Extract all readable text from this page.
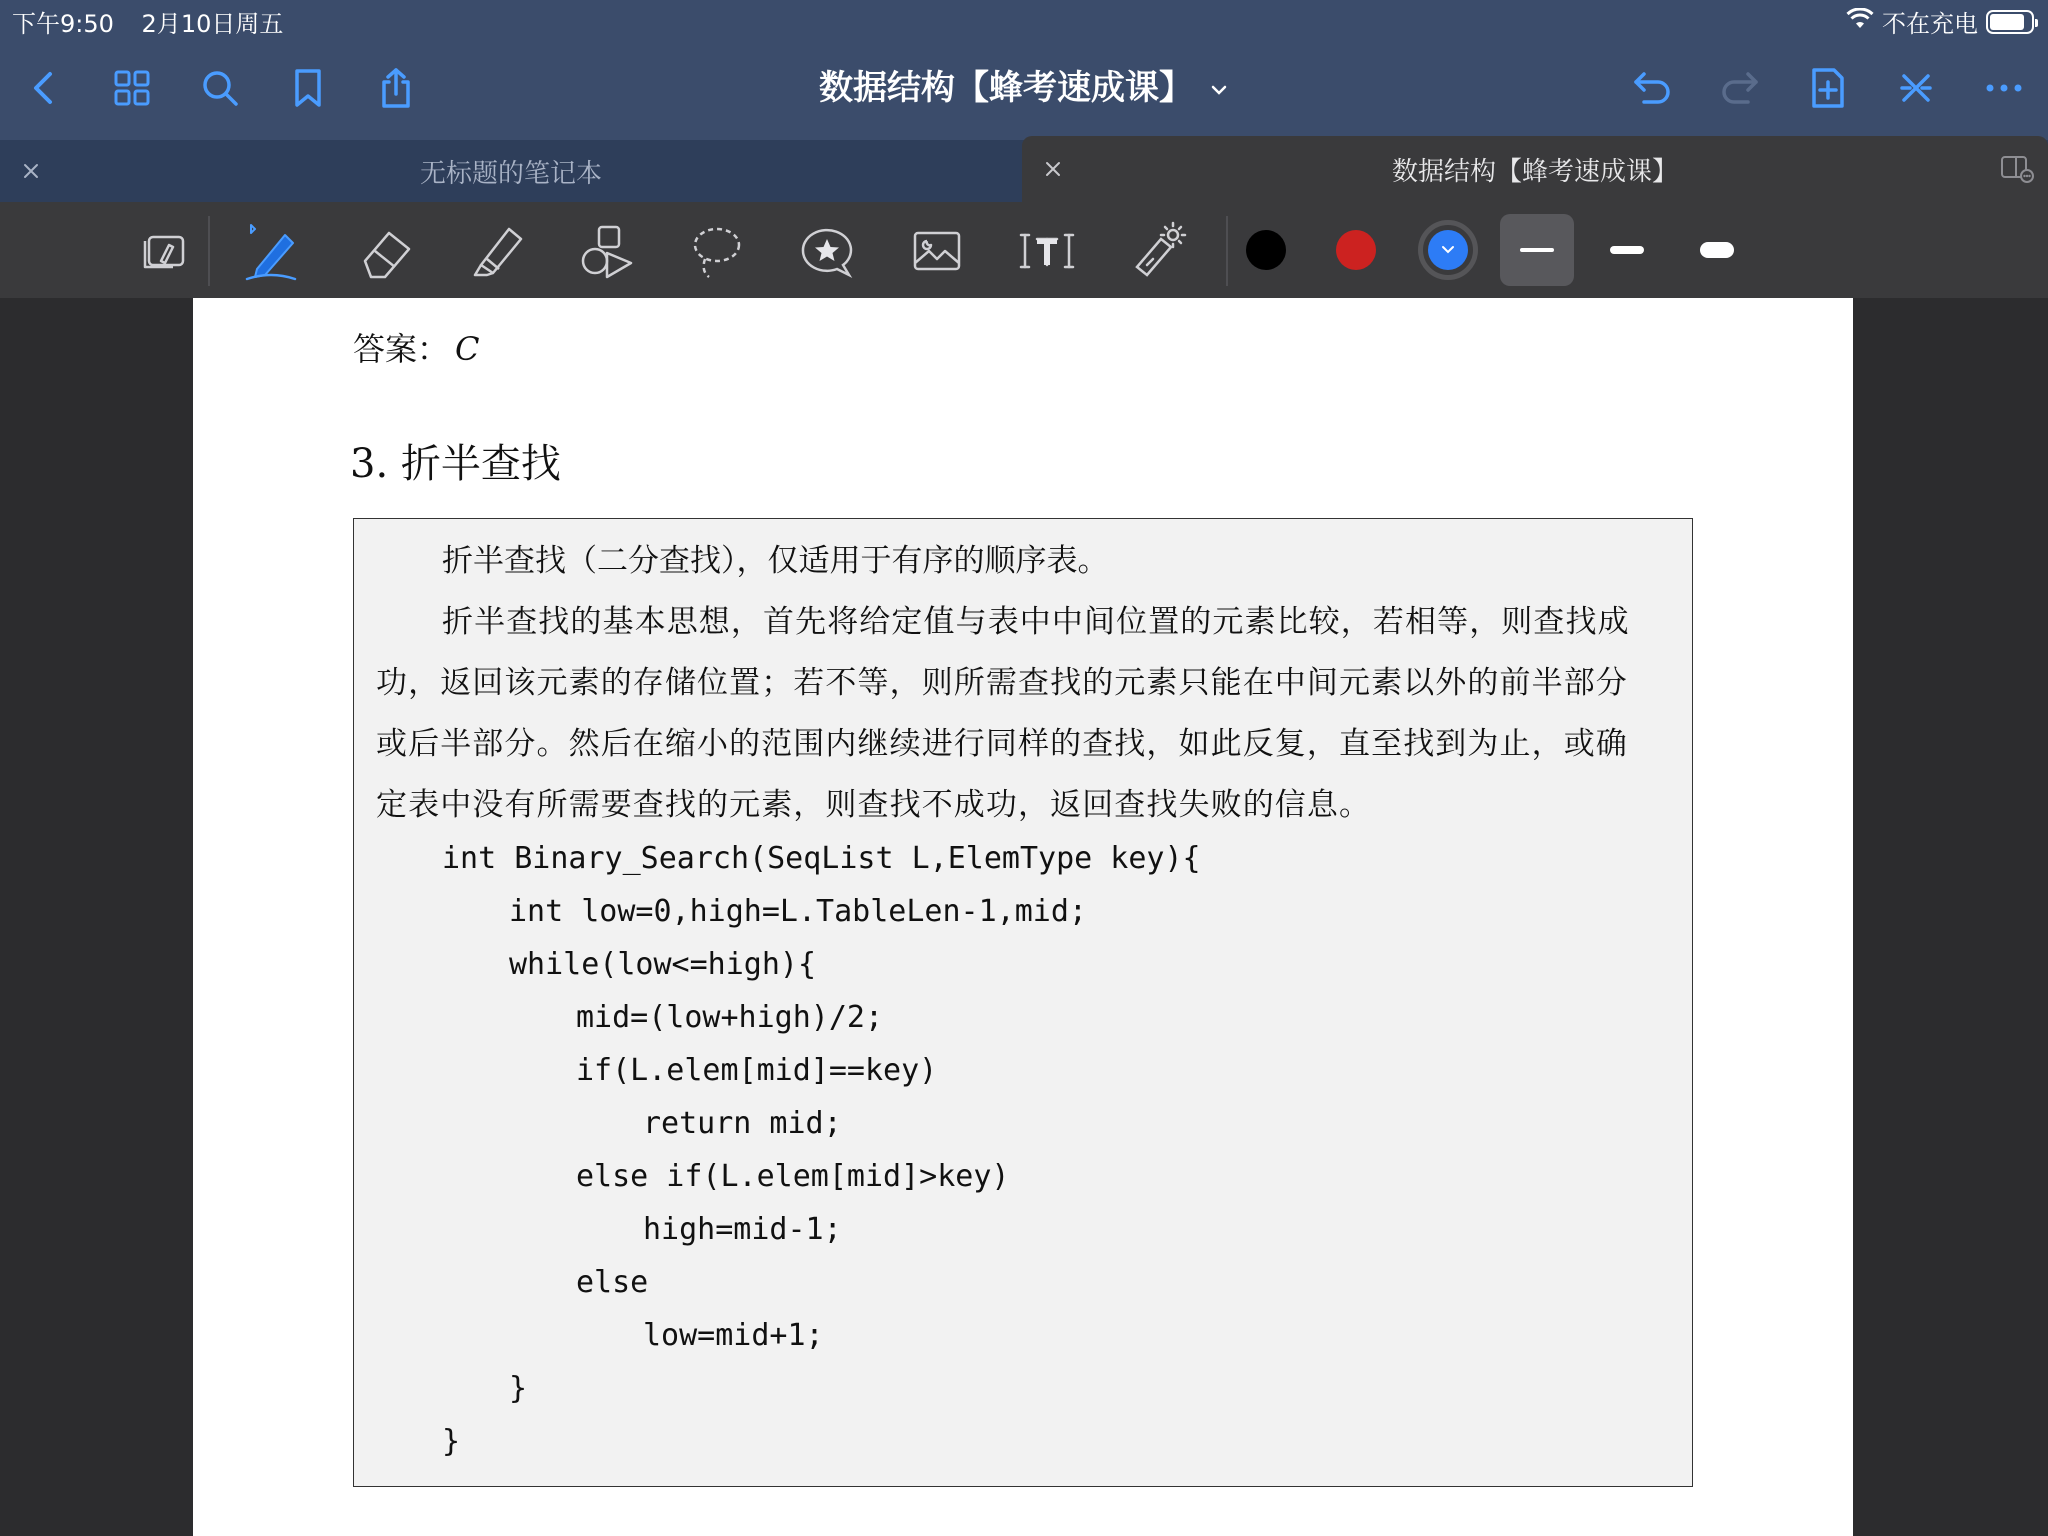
下午9:50 2月10日周五	不在充电
数据结构【蜂考速成课】
无标题的笔记本	数据结构【蜂考速成课】
答案： C
3. 折半查找
折半查找（二分查找），仅适用于有序的顺序表。
折半查找的基本思想，首先将给定值与表中中间位置的元素比较，若相等，则查找成
功，返回该元素的存储位置；若不等，则所需查找的元素只能在中间元素以外的前半部分
或后半部分。然后在缩小的范围内继续进行同样的查找，如此反复，直至找到为止，或确
定表中没有所需要查找的元素，则查找不成功，返回查找失败的信息。
int Binary_Search(SeqList L,ElemType key){
int low=0,high=L.TableLen-1,mid;
while(low<=high){
mid=(low+high)/2;
if(L.elem[mid]==key)
return mid;
else if(L.elem[mid]>key)
high=mid-1;
else
low=mid+1;
}
}
